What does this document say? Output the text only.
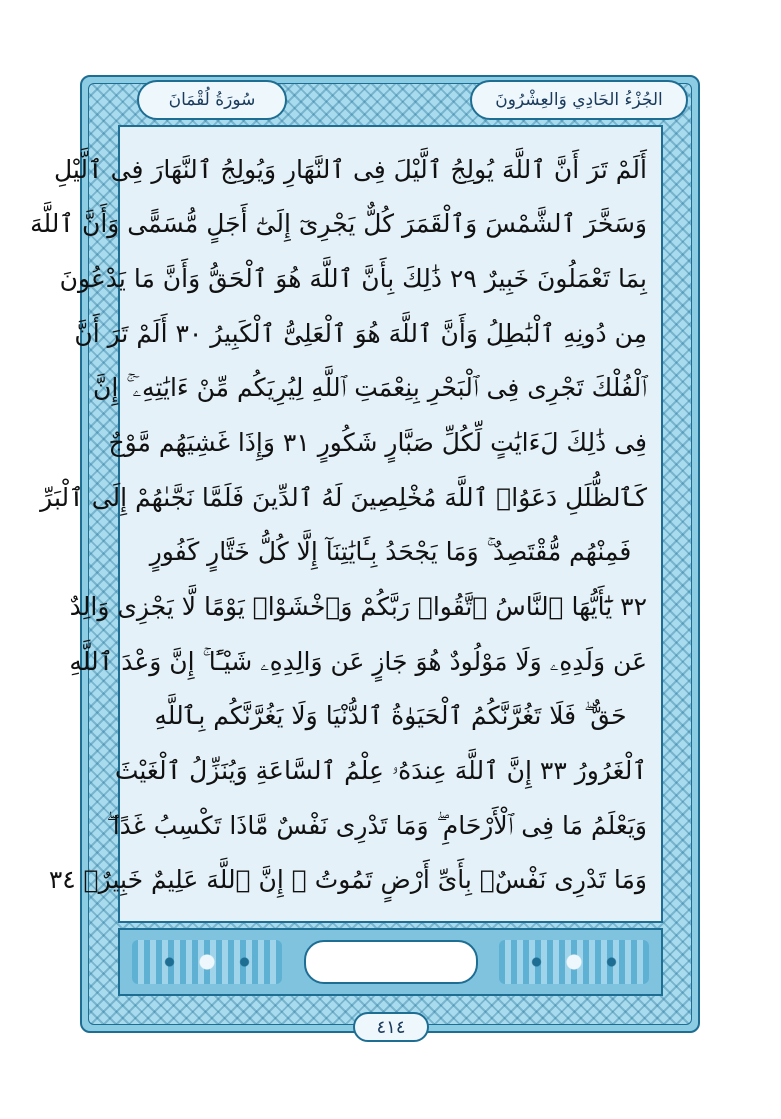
الجُزْءُ الحَادِي وَالعِشْرُونَ
سُورَةُ لُقْمَانَ
أَلَمْ تَرَ أَنَّ ٱللَّهَ يُولِجُ ٱلَّيْلَ فِى ٱلنَّهَارِ وَيُولِجُ ٱلنَّهَارَ فِى ٱلَّيْلِ
وَسَخَّرَ ٱلشَّمْسَ وَٱلْقَمَرَ كُلٌّ يَجْرِىٓ إِلَىٰٓ أَجَلٍ مُّسَمًّى وَأَنَّ ٱللَّهَ
بِمَا تَعْمَلُونَ خَبِيرٌ ٢٩ ذَٰلِكَ بِأَنَّ ٱللَّهَ هُوَ ٱلْحَقُّ وَأَنَّ مَا يَدْعُونَ
مِن دُونِهِ ٱلْبَٰطِلُ وَأَنَّ ٱللَّهَ هُوَ ٱلْعَلِىُّ ٱلْكَبِيرُ ٣٠ أَلَمْ تَرَ أَنَّ
ٱلْفُلْكَ تَجْرِى فِى ٱلْبَحْرِ بِنِعْمَتِ ٱللَّهِ لِيُرِيَكُم مِّنْ ءَايَٰتِهِۦٓ ۚ إِنَّ
فِى ذَٰلِكَ لَءَايَٰتٍ لِّكُلِّ صَبَّارٍ شَكُورٍ ٣١ وَإِذَا غَشِيَهُم مَّوْجٌ
كَٱلظُّلَلِ دَعَوُا۟ ٱللَّهَ مُخْلِصِينَ لَهُ ٱلدِّينَ فَلَمَّا نَجَّىٰهُمْ إِلَى ٱلْبَرِّ
فَمِنْهُم مُّقْتَصِدٌ ۚ وَمَا يَجْحَدُ بِـَٔايَٰتِنَآ إِلَّا كُلُّ خَتَّارٍ كَفُورٍ
٣٢ يَٰٓأَيُّهَا ٱلنَّاسُ ٱتَّقُوا۟ رَبَّكُمْ وَٱخْشَوْا۟ يَوْمًا لَّا يَجْزِى وَالِدٌ
عَن وَلَدِهِۦ وَلَا مَوْلُودٌ هُوَ جَازٍ عَن وَالِدِهِۦ شَيْـًٔا ۚ إِنَّ وَعْدَ ٱللَّهِ
حَقٌّ ۖ فَلَا تَغُرَّنَّكُمُ ٱلْحَيَوٰةُ ٱلدُّنْيَا وَلَا يَغُرَّنَّكُم بِٱللَّهِ
ٱلْغَرُورُ ٣٣ إِنَّ ٱللَّهَ عِندَهُۥ عِلْمُ ٱلسَّاعَةِ وَيُنَزِّلُ ٱلْغَيْثَ
وَيَعْلَمُ مَا فِى ٱلْأَرْحَامِ ۖ وَمَا تَدْرِى نَفْسٌ مَّاذَا تَكْسِبُ غَدًا ۖ
وَمَا تَدْرِى نَفْسٌۢ بِأَىِّ أَرْضٍ تَمُوتُ ۚ إِنَّ ٱللَّهَ عَلِيمٌ خَبِيرٌۢ ٣٤
٤١٤
